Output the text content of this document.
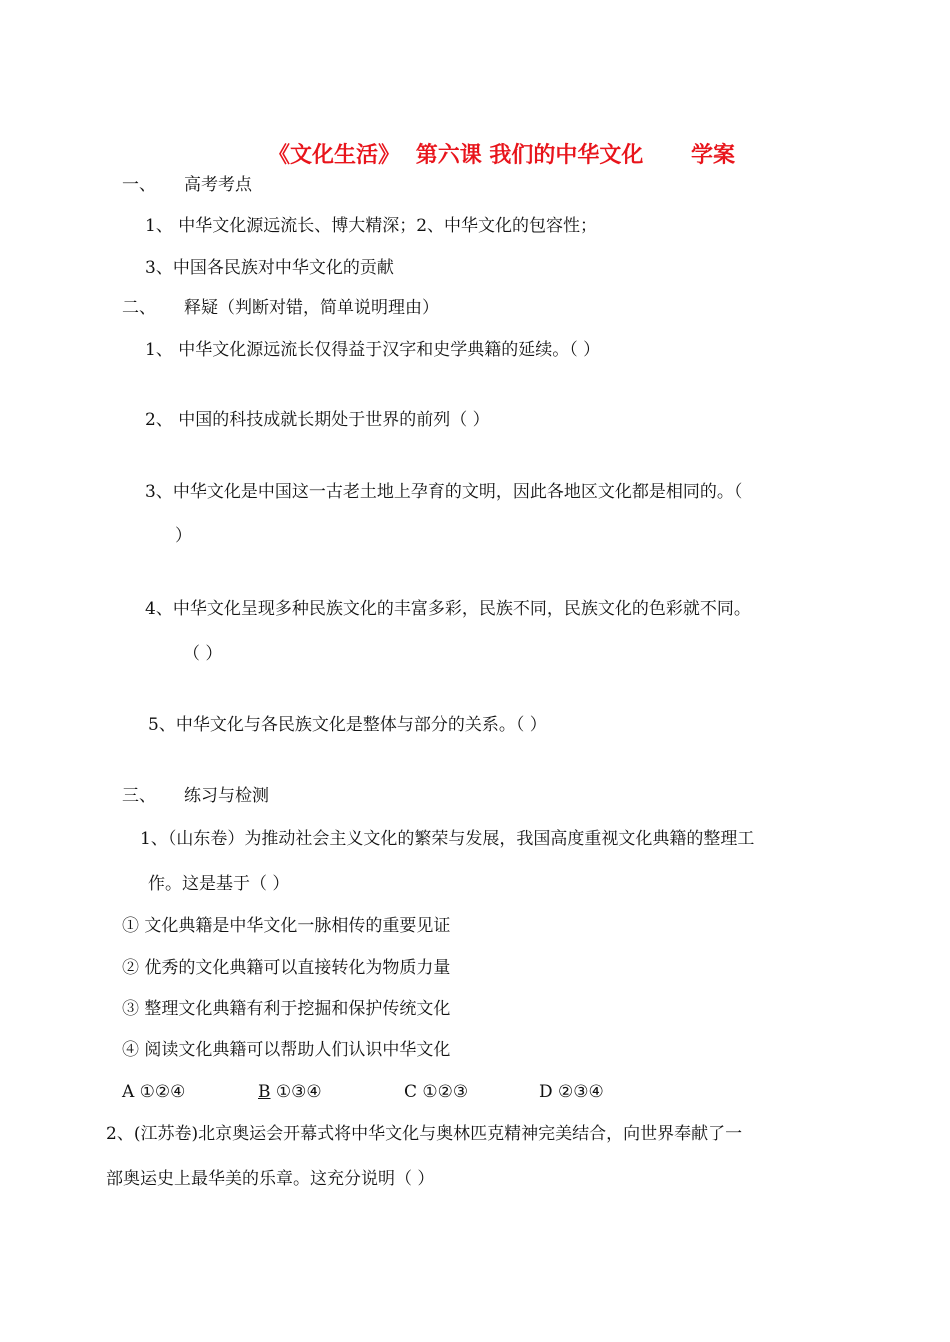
《文化生活》 第六课 我们的中华文化 学案
一、 高考考点
1、 中华文化源远流长、博大精深；2、中华文化的包容性；
3、中国各民族对中华文化的贡献
二、 释疑（判断对错，简单说明理由）
1、 中华文化源远流长仅得益于汉字和史学典籍的延续。（ ）
2、 中国的科技成就长期处于世界的前列（ ）
3、中华文化是中国这一古老土地上孕育的文明，因此各地区文化都是相同的。（
）
4、中华文化呈现多种民族文化的丰富多彩，民族不同，民族文化的色彩就不同。
（ ）
5、中华文化与各民族文化是整体与部分的关系。（ ）
三、 练习与检测
1、（山东卷）为推动社会主义文化的繁荣与发展，我国高度重视文化典籍的整理工
作。这是基于（ ）
① 文化典籍是中华文化一脉相传的重要见证
② 优秀的文化典籍可以直接转化为物质力量
③ 整理文化典籍有利于挖掘和保护传统文化
④ 阅读文化典籍可以帮助人们认识中华文化
A ①②④	B ①③④	C ①②③	D ②③④
2、(江苏卷)北京奥运会开幕式将中华文化与奥林匹克精神完美结合，向世界奉献了一
部奥运史上最华美的乐章。这充分说明（ ）
